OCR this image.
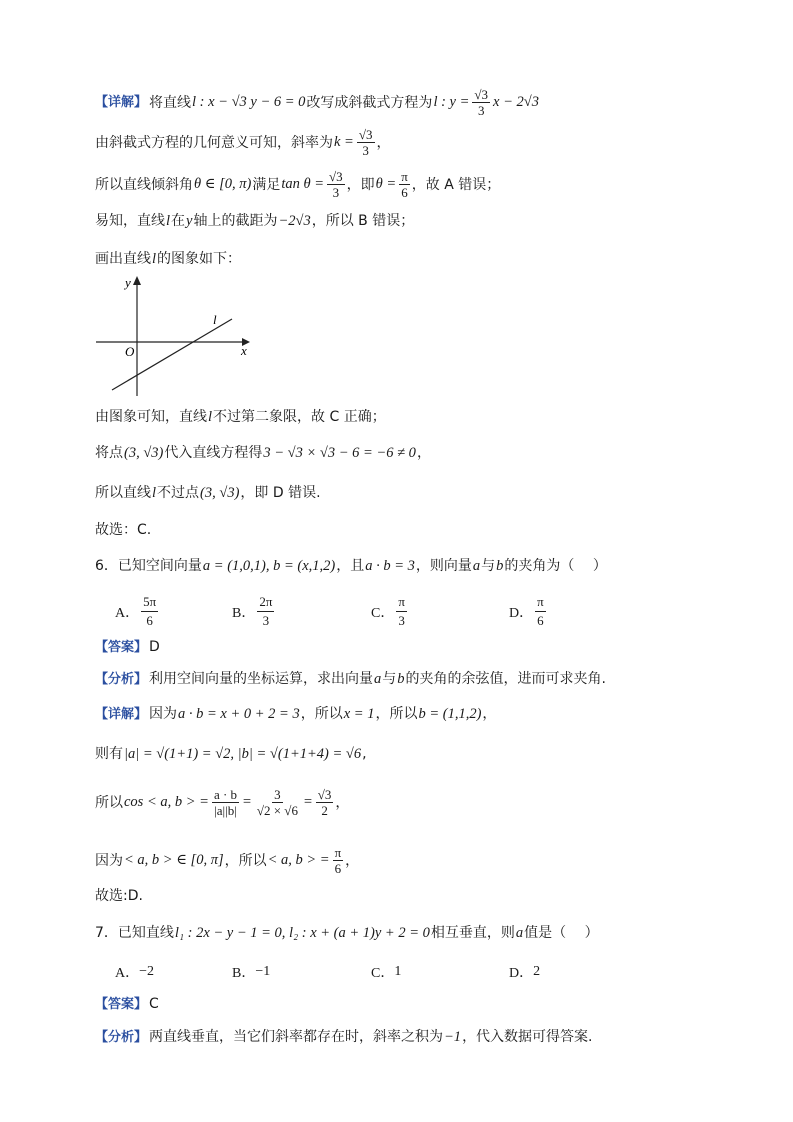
【详解】 将直线 l : x − √3 y − 6 = 0 改写成斜截式方程为 l : $y = \frac{√3}{3}$ x − 2√3
由斜截式方程的几何意义可知，斜率为 $k = \frac{√3}{3}$ ，
所以直线倾斜角 θ ∈ [0, π) 满足 $\tan \theta = \frac{√3}{3}$ ，即 $\theta = \frac{\pi}{6}$ ，故 A 错误；
易知，直线 l 在 y 轴上的截距为 −2√3 ，所以 B 错误；
画出直线 l 的图象如下：
y
x
O
l
由图象可知，直线 l 不过第二象限，故 C 正确；
将点 (3, √3) 代入直线方程得 3 − √3 × √3 − 6 = −6 ≠ 0 ，
所以直线 l 不过点 (3, √3) ，即 D 错误.
故选：C.
6．已知空间向量 a = (1,0,1), b = (x,1,2) ，且 a · b = 3 ，则向量 a 与 b 的夹角为（　 ）
A． $\frac{5\pi}{6}$	B． $\frac{2\pi}{3}$	C． $\frac{\pi}{3}$	D． $\frac{\pi}{6}$
【答案】 D
【分析】 利用空间向量的坐标运算，求出向量 a 与 b 的夹角的余弦值，进而可求夹角.
【详解】 因为 a · b = x + 0 + 2 = 3 ，所以 x = 1 ，所以 b = (1,1,2) ，
则有 |a| = √(1+1) = √2, |b| = √(1+1+4) = √6 ,
所以 cos < a, b > = $\frac{a \cdot b}{|a||b|} = \frac{3}{√2 \times √6} = \frac{√3}{2}$ ，
因为 < a, b > ∈ [0, π] ，所以 < a, b > = $\frac{\pi}{6}$ ，
故选:D.
7．已知直线 l₁ : 2x − y − 1 = 0, l₂ : x + (a + 1)y + 2 = 0 相互垂直，则 a 值是（　 ）
A． −2	B． −1	C． 1	D． 2
【答案】 C
【分析】 两直线垂直，当它们斜率都存在时，斜率之积为 −1 ，代入数据可得答案.
